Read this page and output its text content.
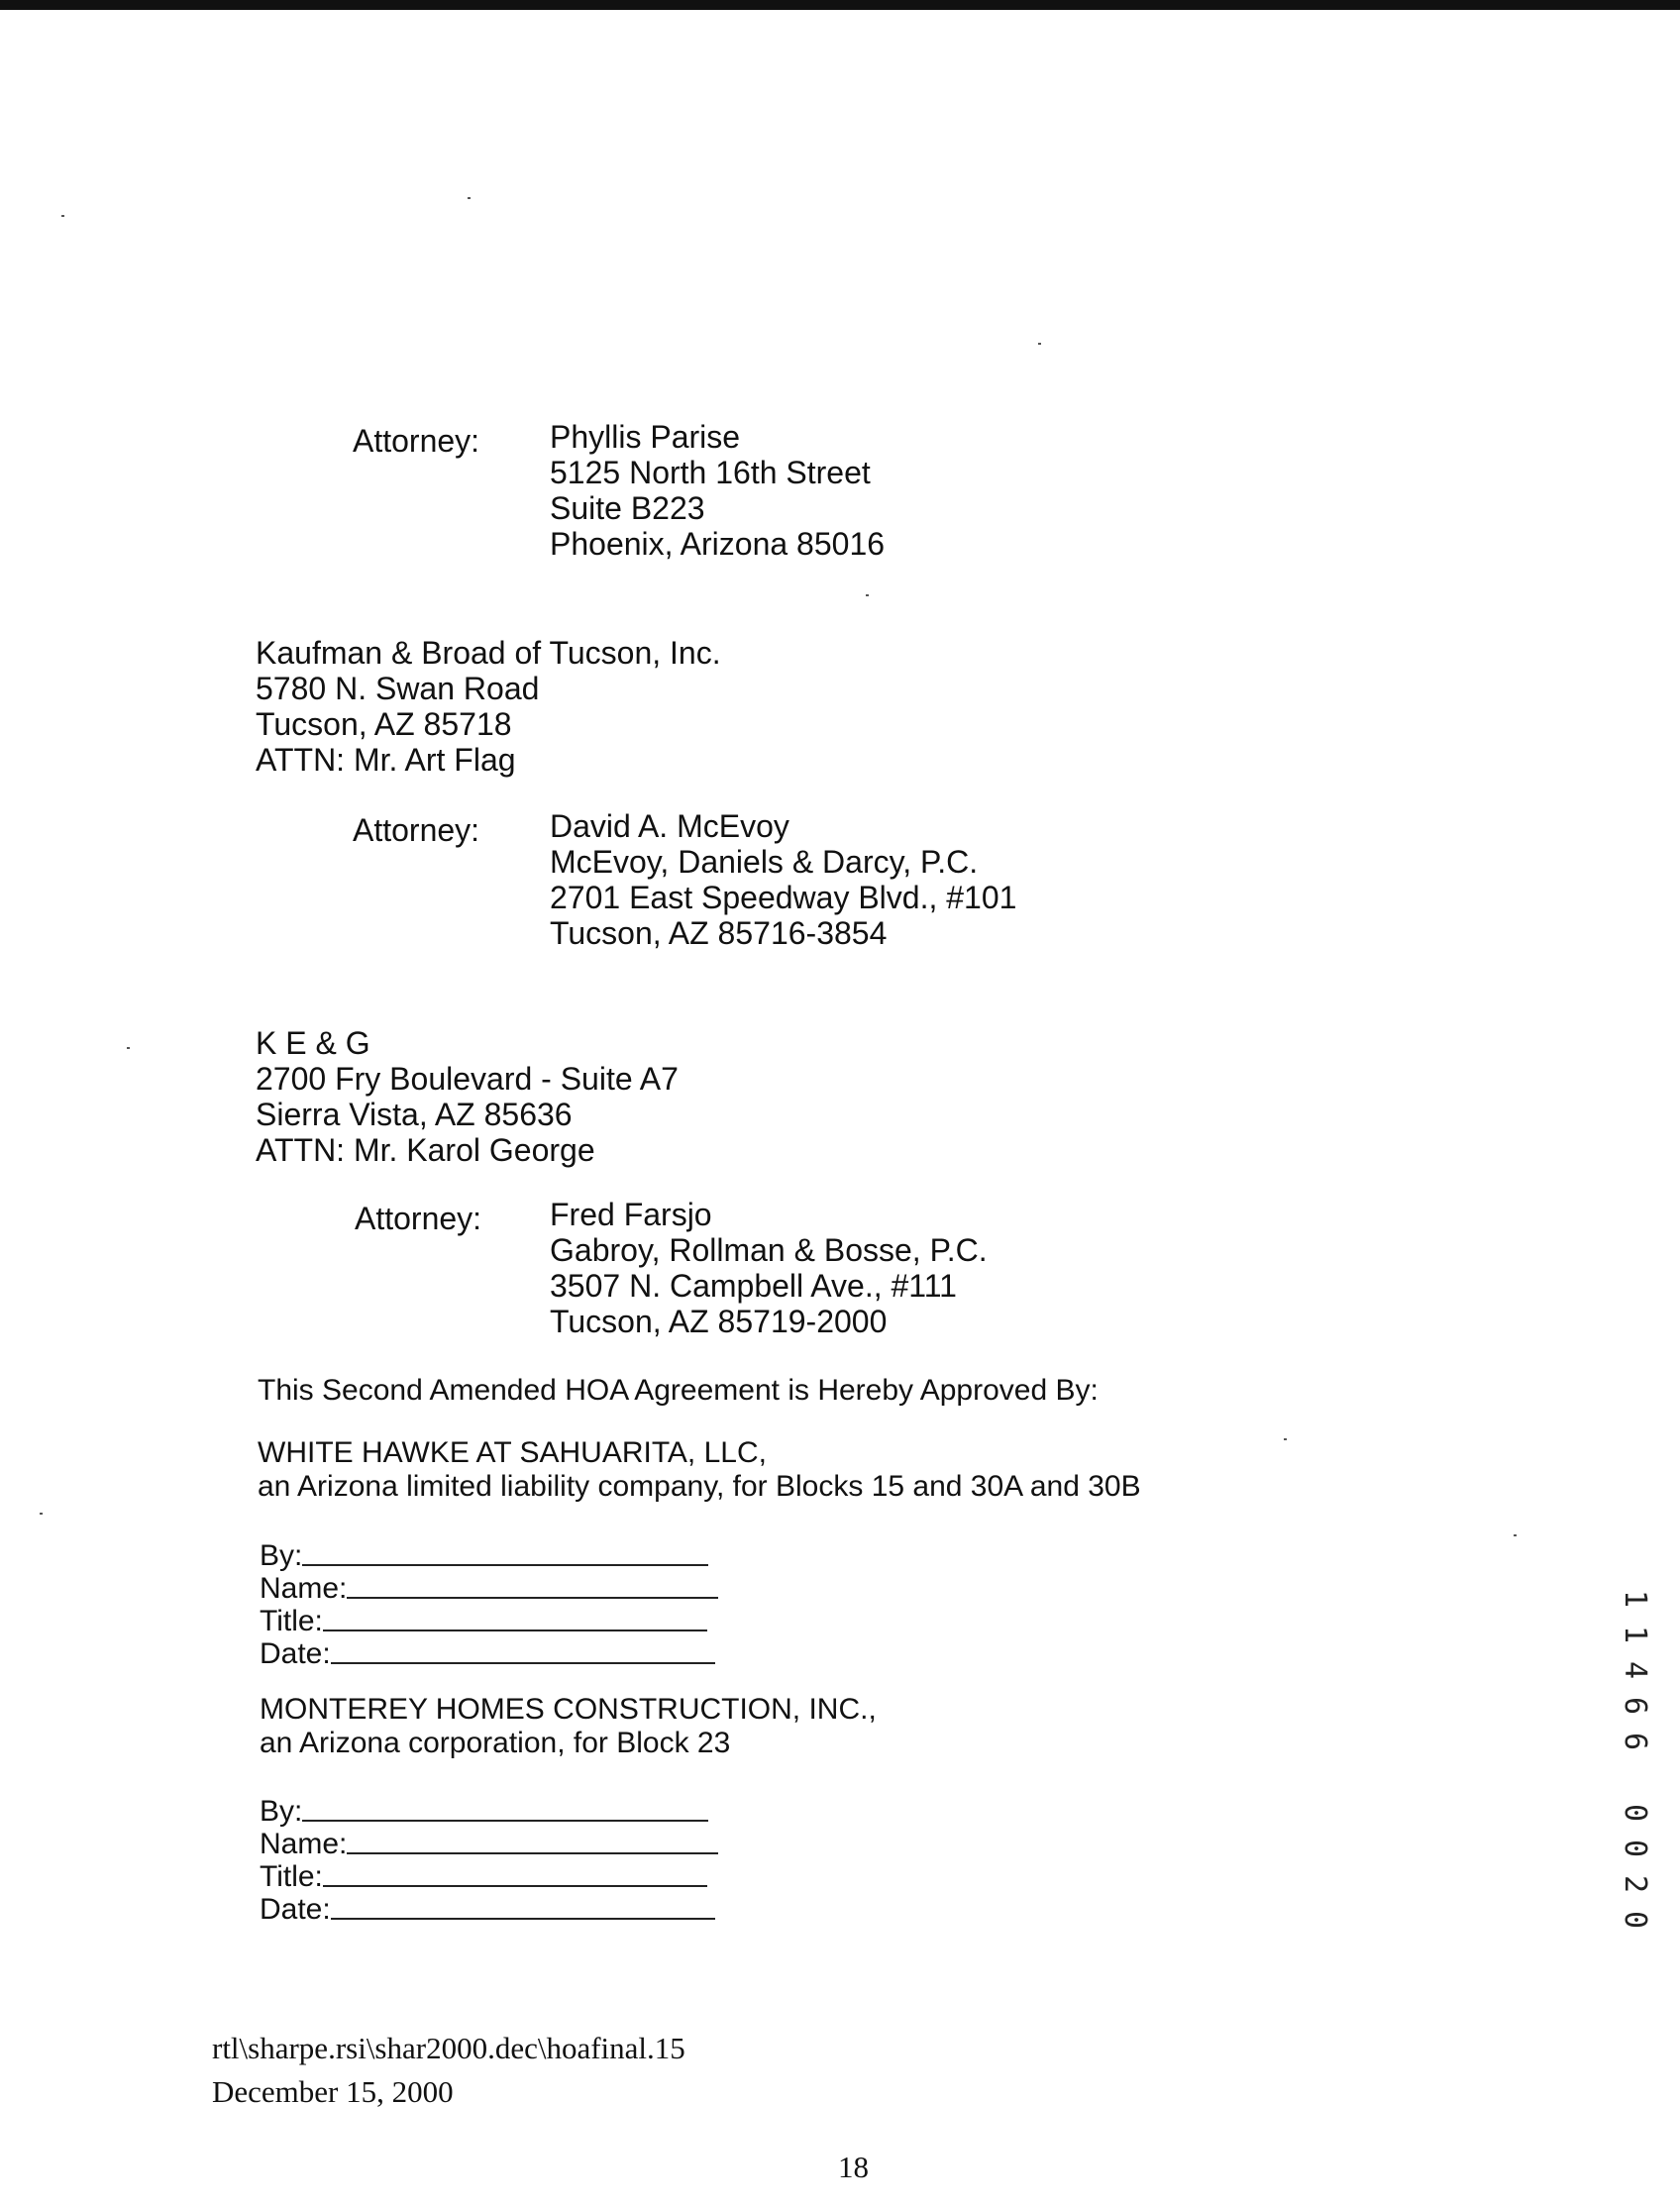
Attorney: Phyllis Parise
5125 North 16th Street
Suite B223
Phoenix, Arizona 85016
Kaufman & Broad of Tucson, Inc.
5780 N. Swan Road
Tucson, AZ 85718
ATTN: Mr. Art Flag
Attorney: David A. McEvoy
McEvoy, Daniels & Darcy, P.C.
2701 East Speedway Blvd., #101
Tucson, AZ 85716-3854
K E & G
2700 Fry Boulevard - Suite A7
Sierra Vista, AZ 85636
ATTN: Mr. Karol George
Attorney: Fred Farsjo
Gabroy, Rollman & Bosse, P.C.
3507 N. Campbell Ave., #111
Tucson, AZ 85719-2000
This Second Amended HOA Agreement is Hereby Approved By:
WHITE HAWKE AT SAHUARITA, LLC,
an Arizona limited liability company, for Blocks 15 and 30A and 30B
By:
Name:
Title:
Date:
MONTEREY HOMES CONSTRUCTION, INC.,
an Arizona corporation, for Block 23
By:
Name:
Title:
Date:
rtl\sharpe.rsi\shar2000.dec\hoafinal.15
December 15, 2000
18
1
1
4
6
6
0
0
2
0
